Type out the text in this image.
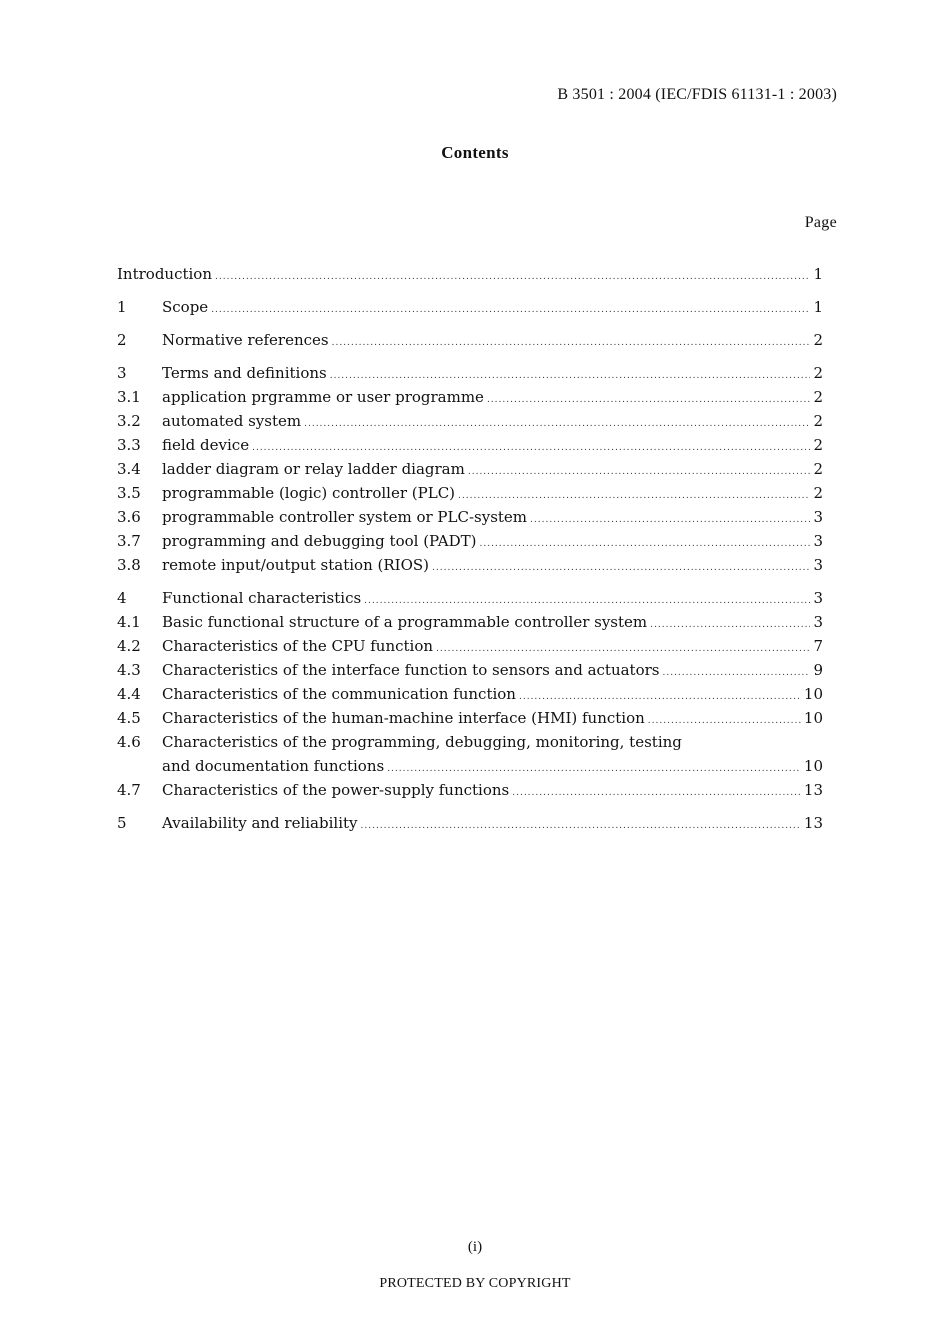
B 3501 : 2004 (IEC/FDIS 61131-1 : 2003)
Contents
Page
Introduction .....	1
1	Scope .....	1
2	Normative references .....	2
3	Terms and definitions .....	2
3.1	application prgramme or user programme .....	2
3.2	automated system .....	2
3.3	field device .....	2
3.4	ladder diagram or relay ladder diagram .....	2
3.5	programmable (logic) controller (PLC) .....	2
3.6	programmable controller system or PLC-system .....	3
3.7	programming and debugging tool (PADT) .....	3
3.8	remote input/output station (RIOS) .....	3
4	Functional characteristics .....	3
4.1	Basic functional structure of a programmable controller system .....	3
4.2	Characteristics of the CPU function .....	7
4.3	Characteristics of the interface function to sensors and actuators .....	9
4.4	Characteristics of the communication function .....	10
4.5	Characteristics of the human-machine interface (HMI) function .....	10
4.6	Characteristics of the programming, debugging, monitoring, testing
and documentation functions .....	10
4.7	Characteristics of the power-supply functions .....	13
5	Availability and reliability .....	13
(i)
PROTECTED BY COPYRIGHT
